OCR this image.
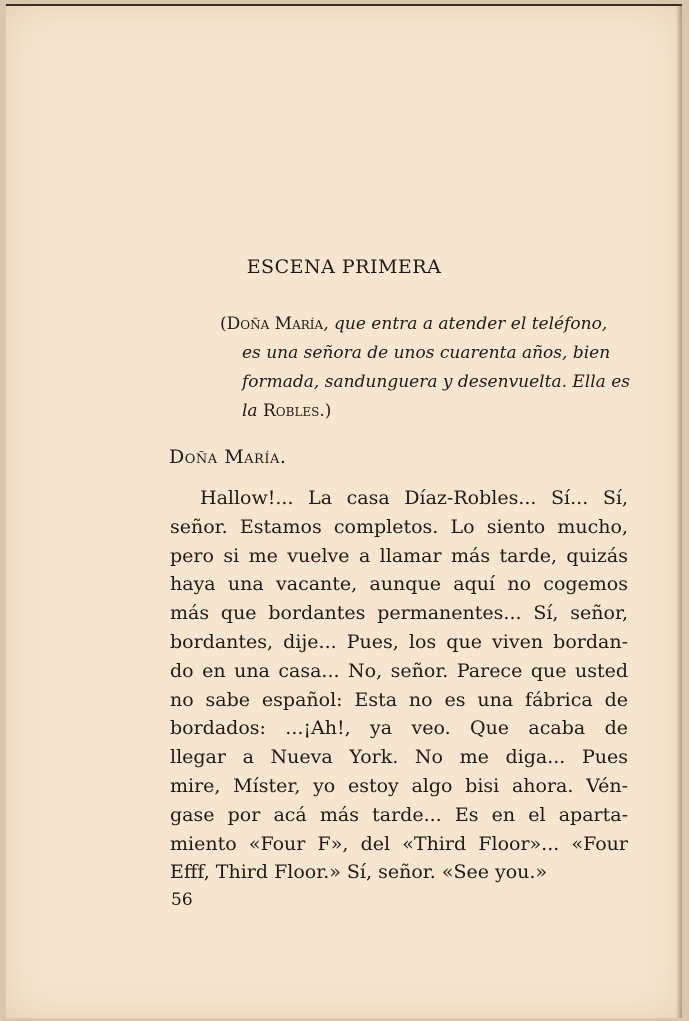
ESCENA PRIMERA
(Doña María, que entra a atender el teléfono,
es una señora de unos cuarenta años, bien
formada, sandunguera y desenvuelta. Ella es
la Robles.)
Doña María.
Hallow!... La casa Díaz-Robles... Sí... Sí,
señor. Estamos completos. Lo siento mucho,
pero si me vuelve a llamar más tarde, quizás
haya una vacante, aunque aquí no cogemos
más que bordantes permanentes... Sí, señor,
bordantes, dije... Pues, los que viven bordan-
do en una casa... No, señor. Parece que usted
no sabe español: Esta no es una fábrica de
bordados: ...¡Ah!, ya veo. Que acaba de
llegar a Nueva York. No me diga... Pues
mire, Míster, yo estoy algo bisi ahora. Vén-
gase por acá más tarde... Es en el aparta-
miento «Four F», del «Third Floor»... «Four
Efff, Third Floor.» Sí, señor. «See you.»
56
